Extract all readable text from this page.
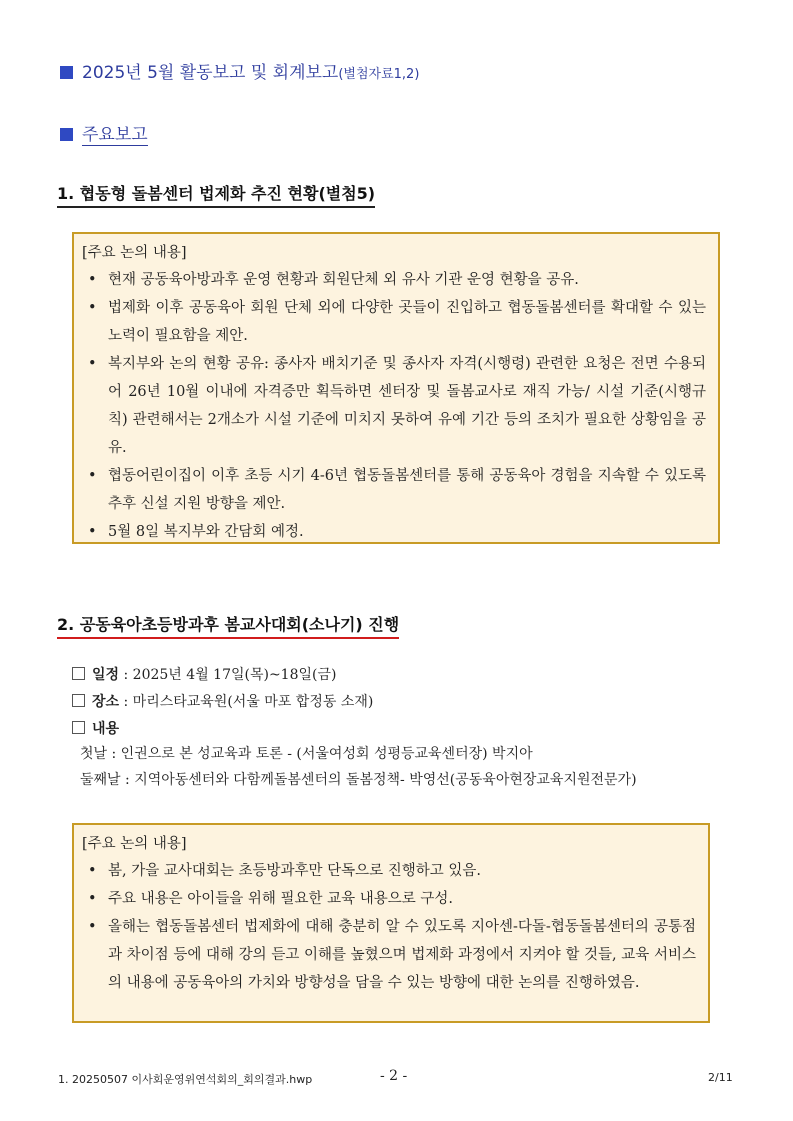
2025년 5월 활동보고 및 회계보고(별첨자료1,2)
주요보고
1. 협동형 돌봄센터 법제화 추진 현황(별첨5)
[주요 논의 내용]
• 현재 공동육아방과후 운영 현황과 회원단체 외 유사 기관 운영 현황을 공유.
• 법제화 이후 공동육아 회원 단체 외에 다양한 곳들이 진입하고 협동돌봄센터를 확대할 수 있는 노력이 필요함을 제안.
• 복지부와 논의 현황 공유: 종사자 배치기준 및 종사자 자격(시행령) 관련한 요청은 전면 수용되어 26년 10월 이내에 자격증만 획득하면 센터장 및 돌봄교사로 재직 가능/ 시설 기준(시행규칙) 관련해서는 2개소가 시설 기준에 미치지 못하여 유예 기간 등의 조치가 필요한 상황임을 공유.
• 협동어린이집이 이후 초등 시기 4-6년 협동돌봄센터를 통해 공동육아 경험을 지속할 수 있도록 추후 신설 지원 방향을 제안.
• 5월 8일 복지부와 간담회 예정.
2. 공동육아초등방과후 봄교사대회(소나기) 진행
일정 : 2025년 4월 17일(목)~18일(금)
장소 : 마리스타교육원(서울 마포 합정동 소재)
내용
첫날 : 인권으로 본 성교육과 토론 - (서울여성회 성평등교육센터장) 박지아
둘째날 : 지역아동센터와 다함께돌봄센터의 돌봄정책- 박영선(공동육아현장교육지원전문가)
[주요 논의 내용]
• 봄, 가을 교사대회는 초등방과후만 단독으로 진행하고 있음.
• 주요 내용은 아이들을 위해 필요한 교육 내용으로 구성.
• 올해는 협동돌봄센터 법제화에 대해 충분히 알 수 있도록 지아센-다돌-협동돌봄센터의 공통점과 차이점 등에 대해 강의 듣고 이해를 높혔으며 법제화 과정에서 지켜야 할 것들, 교육 서비스의 내용에 공동육아의 가치와 방향성을 담을 수 있는 방향에 대한 논의를 진행하였음.
1. 20250507 이사회운영위연석회의_회의결과.hwp	- 2 -	2/11
